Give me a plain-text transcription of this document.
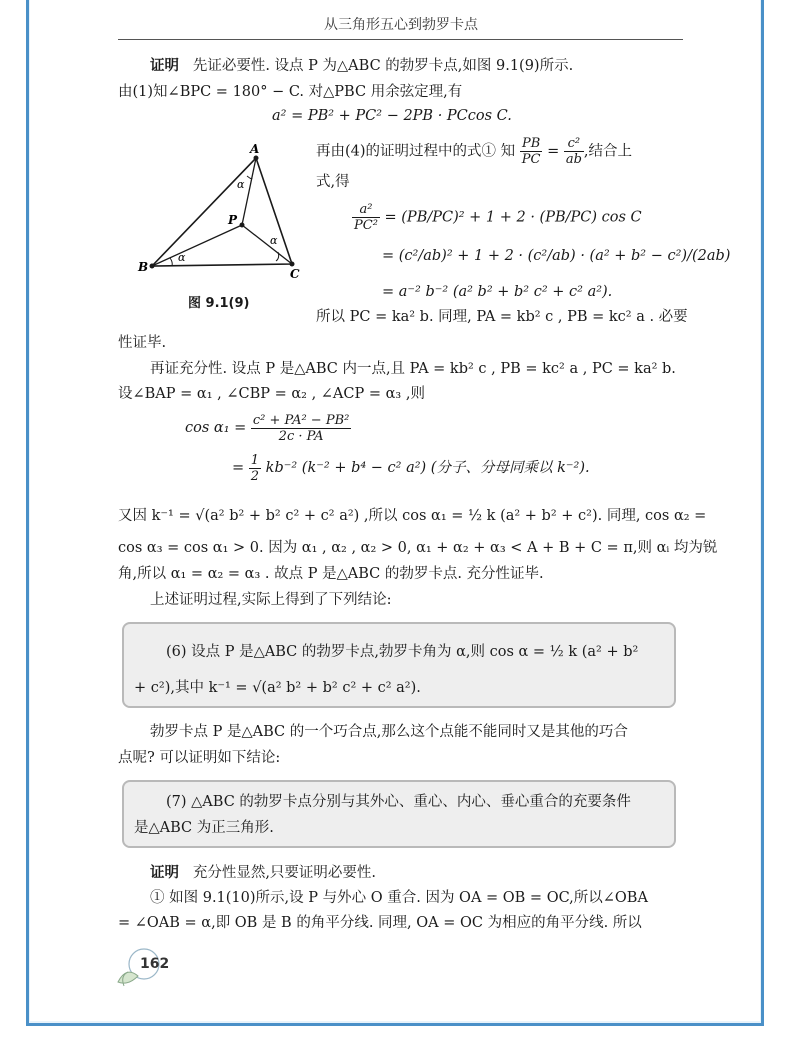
从三角形五心到勃罗卡点
证明 先证必要性. 设点 P 为△ABC 的勃罗卡点,如图 9.1(9)所示.
由(1)知∠BPC = 180° − C. 对△PBC 用余弦定理,有
a² = PB² + PC² − 2PB · PCcos C.
A
B	C
P
α
α
α
图 9.1(9)
再由(4)的证明过程中的式① 知 $\frac{PB}{PC} = \frac{\text{c²}}{ab}$ ,结合上
式,得
$\frac{\text{a²}}{\text{PC²}} = (PB/PC)^2 + 1 + 2 \cdot (PB/PC)$ cos C
= (c²/ab)² + 1 + 2 · (c²/ab) · (a² + b² − c²)/(2ab)
= a⁻² b⁻² (a² b² + b² c² + c² a²).
所以 PC = ka² b. 同理, PA = kb² c , PB = kc² a . 必要
性证毕.
再证充分性. 设点 P 是△ABC 内一点,且 PA = kb² c , PB = kc² a , PC = ka² b.
设∠BAP = α₁ , ∠CBP = α₂ , ∠ACP = α₃ ,则
$\cos \alpha_1 = \frac{\text{c² + PA² − PB²}}{2c \cdot PA}$
= $\frac{1}{2} kb^{-2}$ (k⁻² + b⁴ − c² a²) (分子、分母同乘以 k⁻²).
又因 k⁻¹ = √(a² b² + b² c² + c² a²) ,所以 cos α₁ = ½ k (a² + b² + c²). 同理, cos α₂ =
cos α₃ = cos α₁ > 0. 因为 α₁ , α₂ , α₂ > 0, α₁ + α₂ + α₃ < A + B + C = π,则 αᵢ 均为锐
角,所以 α₁ = α₂ = α₃ . 故点 P 是△ABC 的勃罗卡点. 充分性证毕.
上述证明过程,实际上得到了下列结论:
(6) 设点 P 是△ABC 的勃罗卡点,勃罗卡角为 α,则 cos α = ½ k (a² + b²
+ c²),其中 k⁻¹ = √(a² b² + b² c² + c² a²).
勃罗卡点 P 是△ABC 的一个巧合点,那么这个点能不能同时又是其他的巧合
点呢? 可以证明如下结论:
(7) △ABC 的勃罗卡点分别与其外心、重心、内心、垂心重合的充要条件
是△ABC 为正三角形.
证明 充分性显然,只要证明必要性.
① 如图 9.1(10)所示,设 P 与外心 O 重合. 因为 OA = OB = OC,所以∠OBA
= ∠OAB = α,即 OB 是 B 的角平分线. 同理, OA = OC 为相应的角平分线. 所以
162
